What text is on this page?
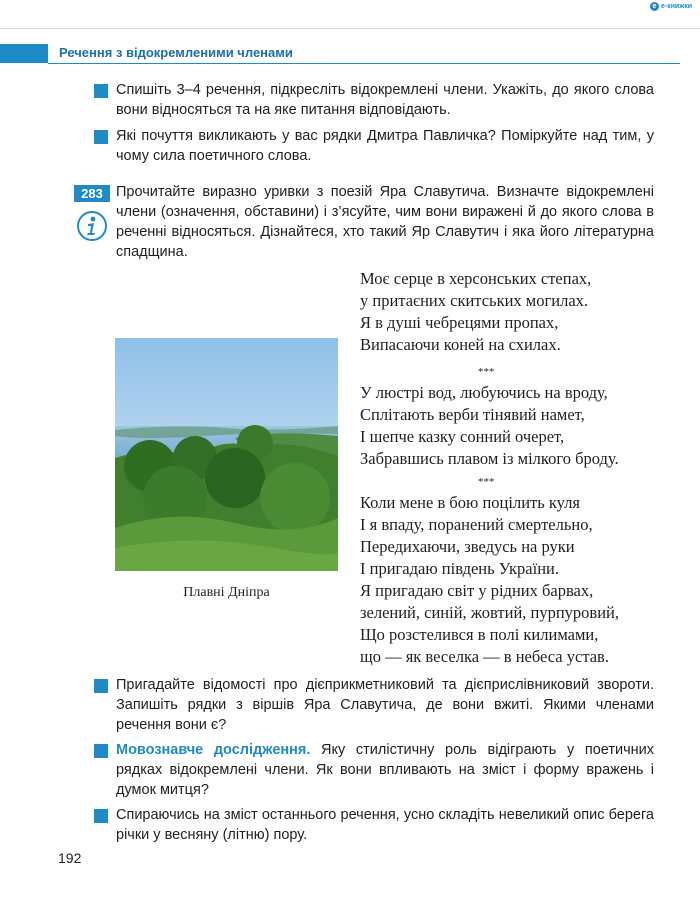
e e-книжки
Речення з відокремленими членами
Спишіть 3–4 речення, підкресліть відокремлені члени. Укажіть, до якого слова вони відносяться та на яке питання відповідають.
Які почуття викликають у вас рядки Дмитра Павличка? Поміркуйте над тим, у чому сила поетичного слова.
283 Прочитайте виразно уривки з поезій Яра Славутича. Визначте відокремлені члени (означення, обставини) і з’ясуйте, чим вони виражені й до якого слова в реченні відносяться. Дізнайтеся, хто такий Яр Славутич і яка його літературна спадщина.
Плавні Дніпра
Моє серце в херсонських степах,
у притаєних скитських могилах.
Я в душі чебрецями пропах,
Випасаючи коней на схилах.
***
У люстрі вод, любуючись на вроду,
Сплітають верби тінявий намет,
І шепче казку сонний очерет,
Забравшись плавом із мілкого броду.
***
Коли мене в бою поцілить куля
І я впаду, поранений смертельно,
Передихаючи, зведусь на руки
І пригадаю південь України.
Я пригадаю світ у рідних барвах,
зелений, синій, жовтий, пурпуровий,
Що розстелився в полі килимами,
що — як веселка — в небеса устав.
Пригадайте відомості про дієприкметниковий та дієприслівниковий звороти. Запишіть рядки з віршів Яра Славутича, де вони вжиті. Якими членами речення вони є?
Мовознавче дослідження. Яку стилістичну роль відіграють у поетичних рядках відокремлені члени. Як вони впливають на зміст і форму вражень і думок митця?
Спираючись на зміст останнього речення, усно складіть невеликий опис берега річки у весняну (літню) пору.
192
